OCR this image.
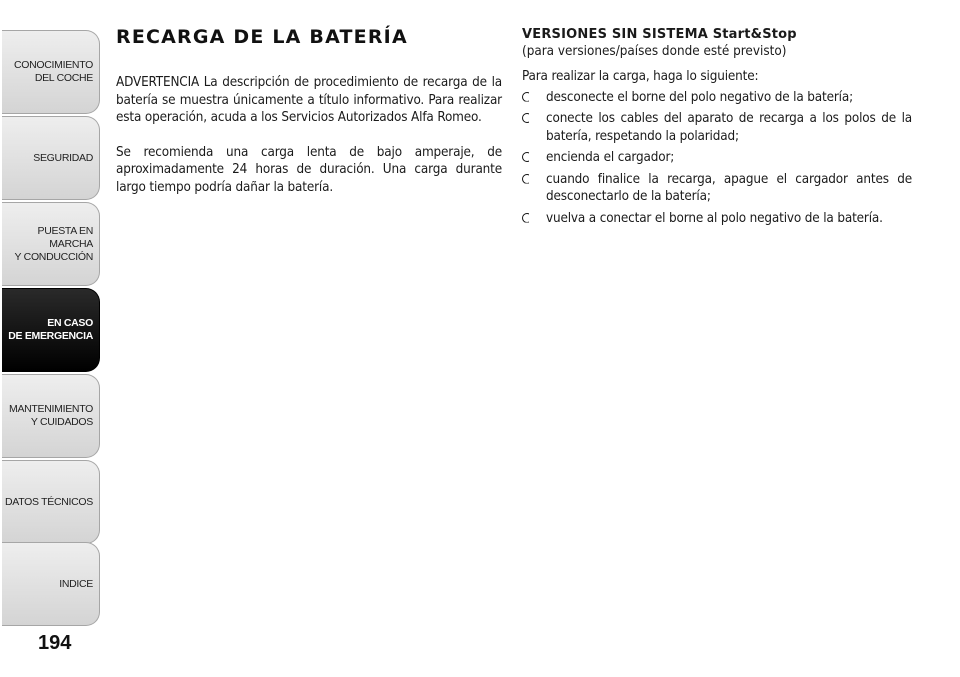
CONOCIMIENTO
DEL COCHE
SEGURIDAD
PUESTA EN MARCHA
Y CONDUCCIÓN
EN CASO
DE EMERGENCIA
MANTENIMIENTO
Y CUIDADOS
DATOS TÉCNICOS
INDICE
194
RECARGA DE LA BATERÍA

ADVERTENCIA La descripción de procedimiento de recarga de la batería se muestra únicamente a título informativo. Para realizar esta operación, acuda a los Servicios Autorizados Alfa Romeo.

Se recomienda una carga lenta de bajo amperaje, de aproximadamente 24 horas de duración. Una carga durante largo tiempo podría dañar la batería.

VERSIONES SIN SISTEMA Start&Stop
(para versiones/países donde esté previsto)

Para realizar la carga, haga lo siguiente:

desconecte el borne del polo negativo de la batería;
conecte los cables del aparato de recarga a los polos de la batería, respetando la polaridad;
encienda el cargador;
cuando finalice la recarga, apague el cargador antes de desconectarlo de la batería;
vuelva a conectar el borne al polo negativo de la batería.
